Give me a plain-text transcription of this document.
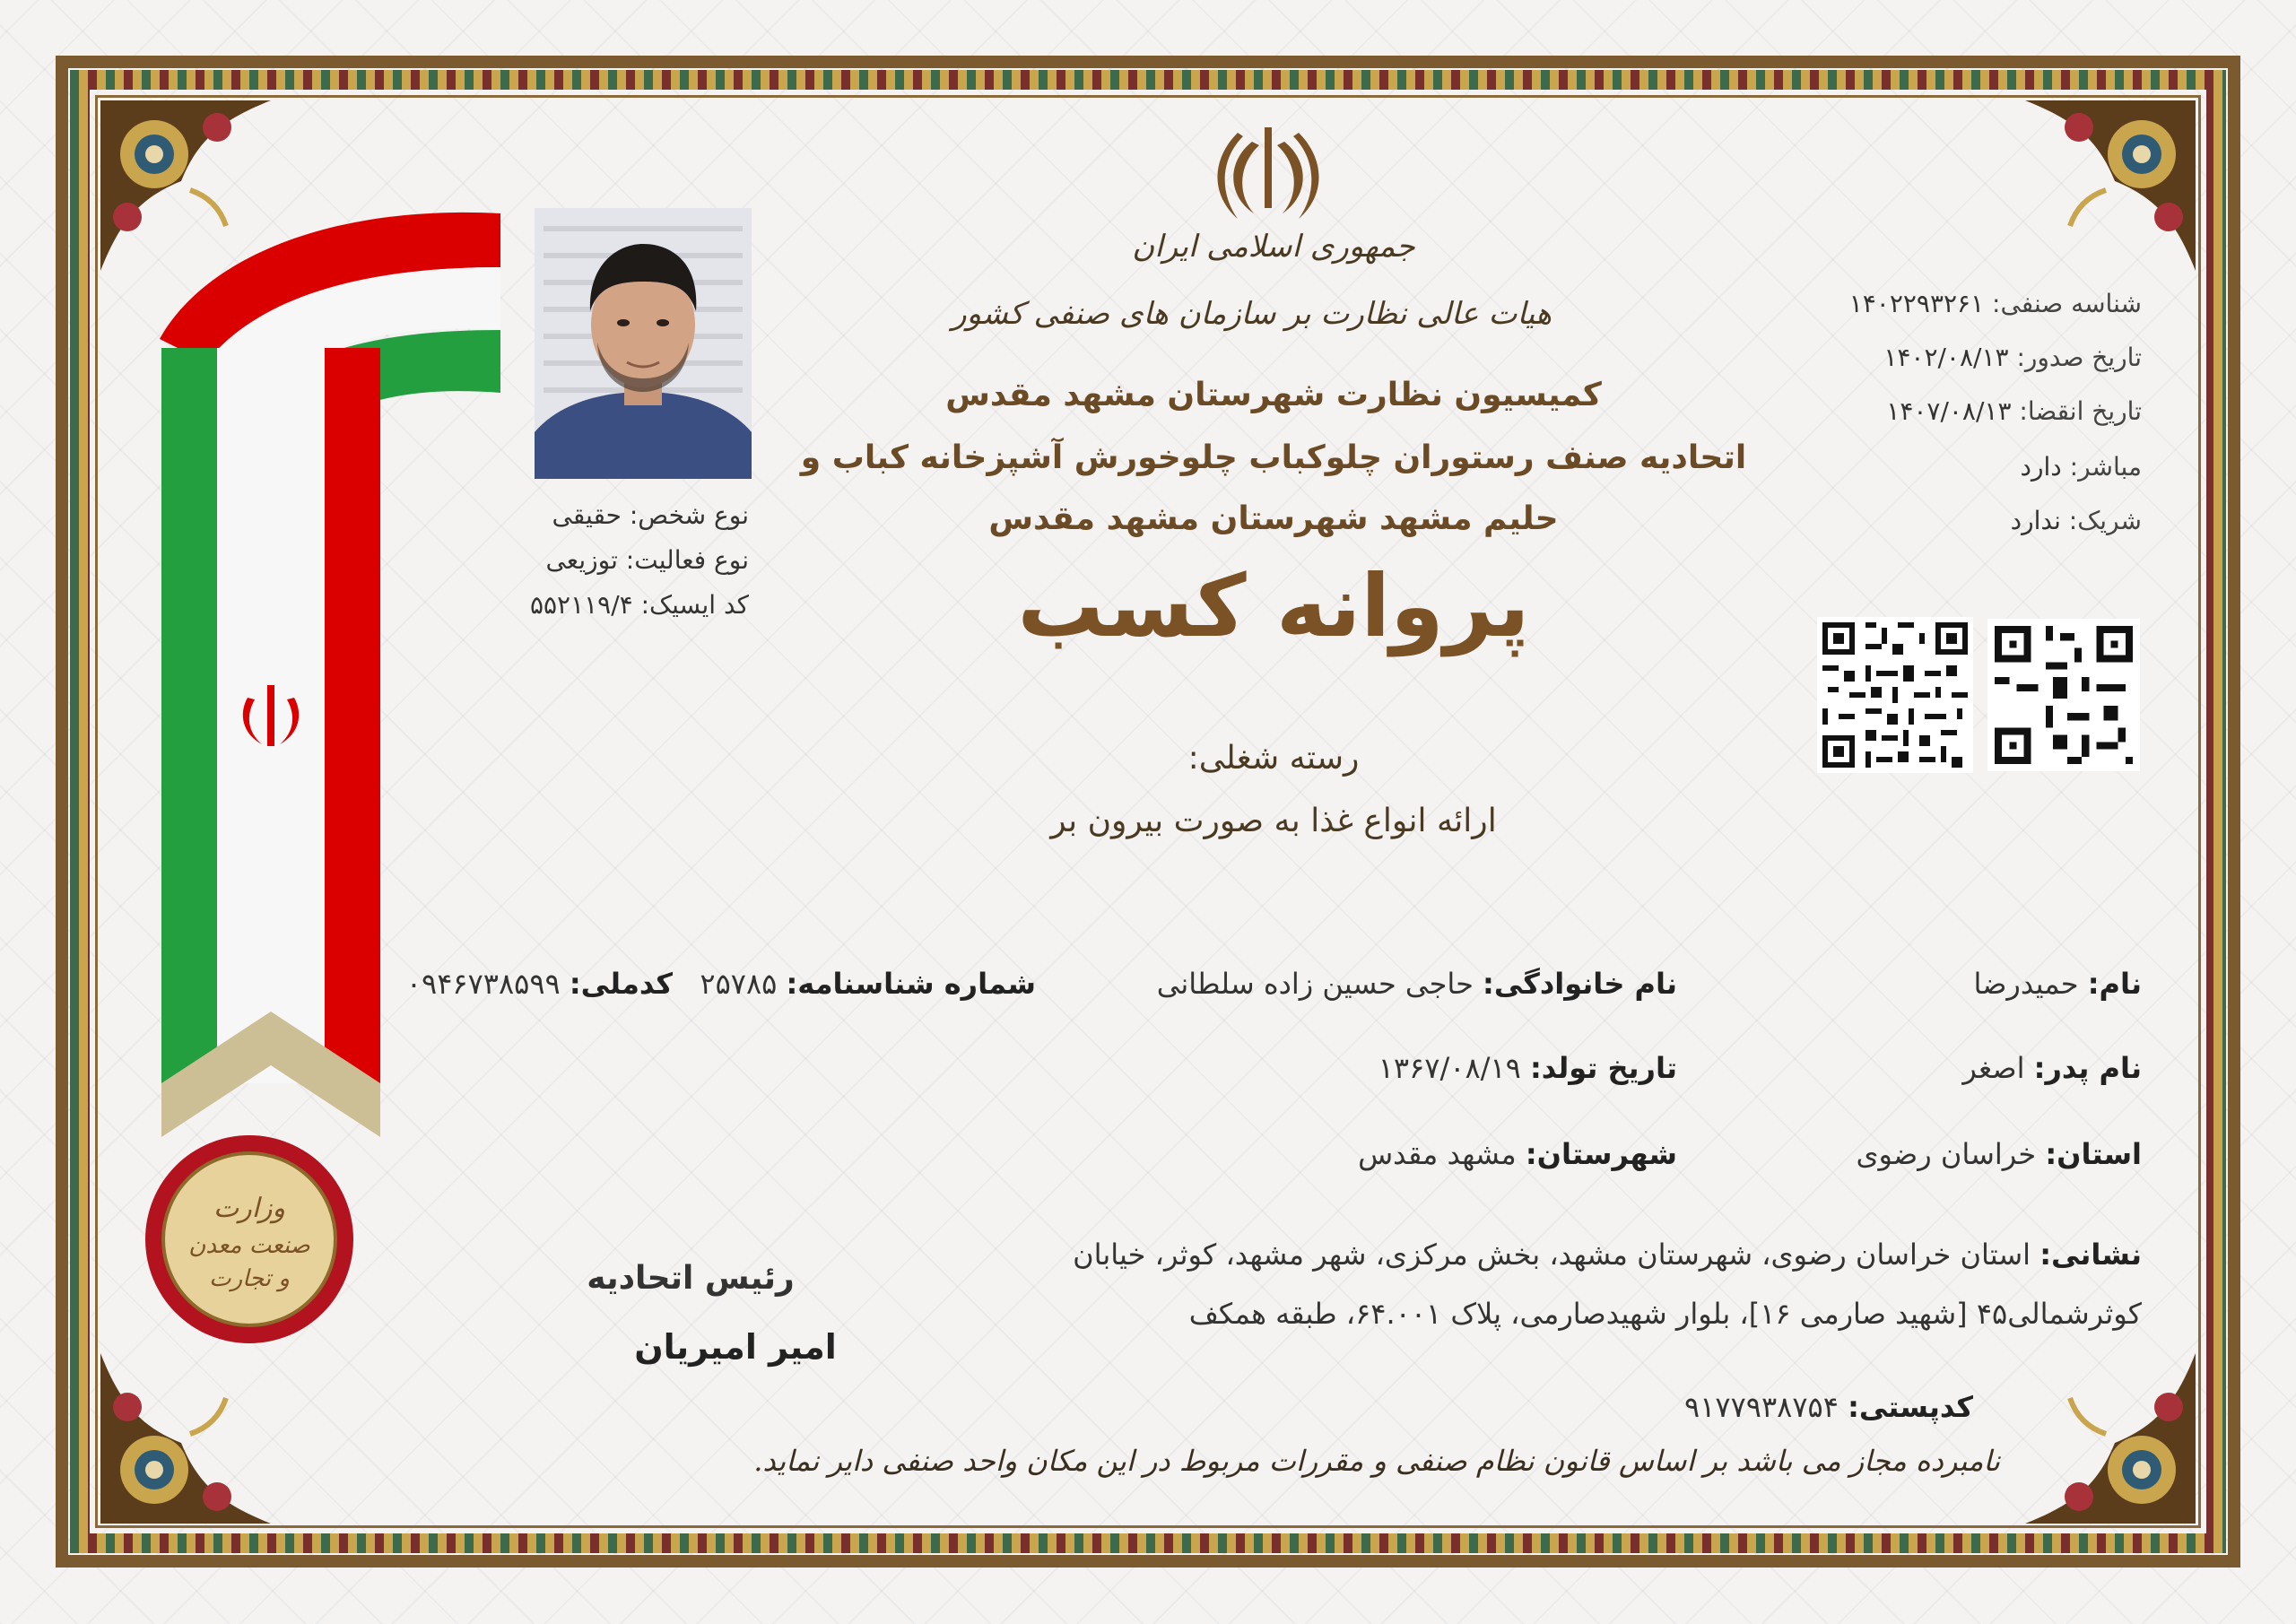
وزارت
صنعت معدن
و تجارت
جمهوری اسلامی ایران
هیات عالی نظارت بر سازمان های صنفی کشور
کمیسیون نظارت شهرستان مشهد مقدس
اتحادیه صنف رستوران چلوکباب چلوخورش آشپزخانه کباب و
حلیم مشهد شهرستان مشهد مقدس
پروانه کسب
رسته شغلی:
ارائه انواع غذا به صورت بیرون بر
شناسه صنفی: ۱۴۰۲۲۹۳۲۶۱
تاریخ صدور: ۱۴۰۲/۰۸/۱۳
تاریخ انقضا: ۱۴۰۷/۰۸/۱۳
مباشر: دارد
شریک: ندارد
نوع شخص: حقیقی
نوع فعالیت: توزیعی
کد ایسیک: ۵۵۲۱۱۹/۴
نام: حمیدرضا
نام خانوادگی: حاجی حسین زاده سلطانی
شماره شناسنامه: ۲۵۷۸۵
کدملی: ۰۹۴۶۷۳۸۵۹۹
نام پدر: اصغر
تاریخ تولد: ۱۳۶۷/۰۸/۱۹
استان: خراسان رضوی
شهرستان: مشهد مقدس
نشانی: استان خراسان رضوی، شهرستان مشهد، بخش مرکزی، شهر مشهد، کوثر، خیابان
کوثرشمالی۴۵ [شهید صارمی ۱۶]، بلوار شهیدصارمی، پلاک ۶۴.۰۰۱، طبقه همکف
کدپستی: ۹۱۷۷۹۳۸۷۵۴
رئیس اتحادیه
امیر امیریان
نامبرده مجاز می باشد بر اساس قانون نظام صنفی و مقررات مربوط در این مکان واحد صنفی دایر نماید.
